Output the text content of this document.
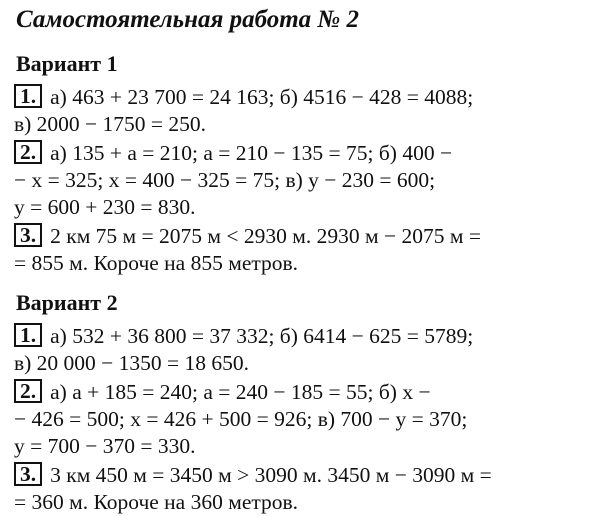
Самостоятельная работа № 2
Вариант 1
1. а) 463 + 23 700 = 24 163; б) 4516 − 428 = 4088;
в) 2000 − 1750 = 250.
2. а) 135 + a = 210; a = 210 − 135 = 75; б) 400 −
− x = 325; x = 400 − 325 = 75; в) y − 230 = 600;
y = 600 + 230 = 830.
3. 2 км 75 м = 2075 м < 2930 м. 2930 м − 2075 м =
= 855 м. Короче на 855 метров.
Вариант 2
1. а) 532 + 36 800 = 37 332; б) 6414 − 625 = 5789;
в) 20 000 − 1350 = 18 650.
2. а) a + 185 = 240; a = 240 − 185 = 55; б) x −
− 426 = 500; x = 426 + 500 = 926; в) 700 − y = 370;
y = 700 − 370 = 330.
3. 3 км 450 м = 3450 м > 3090 м. 3450 м − 3090 м =
= 360 м. Короче на 360 метров.
